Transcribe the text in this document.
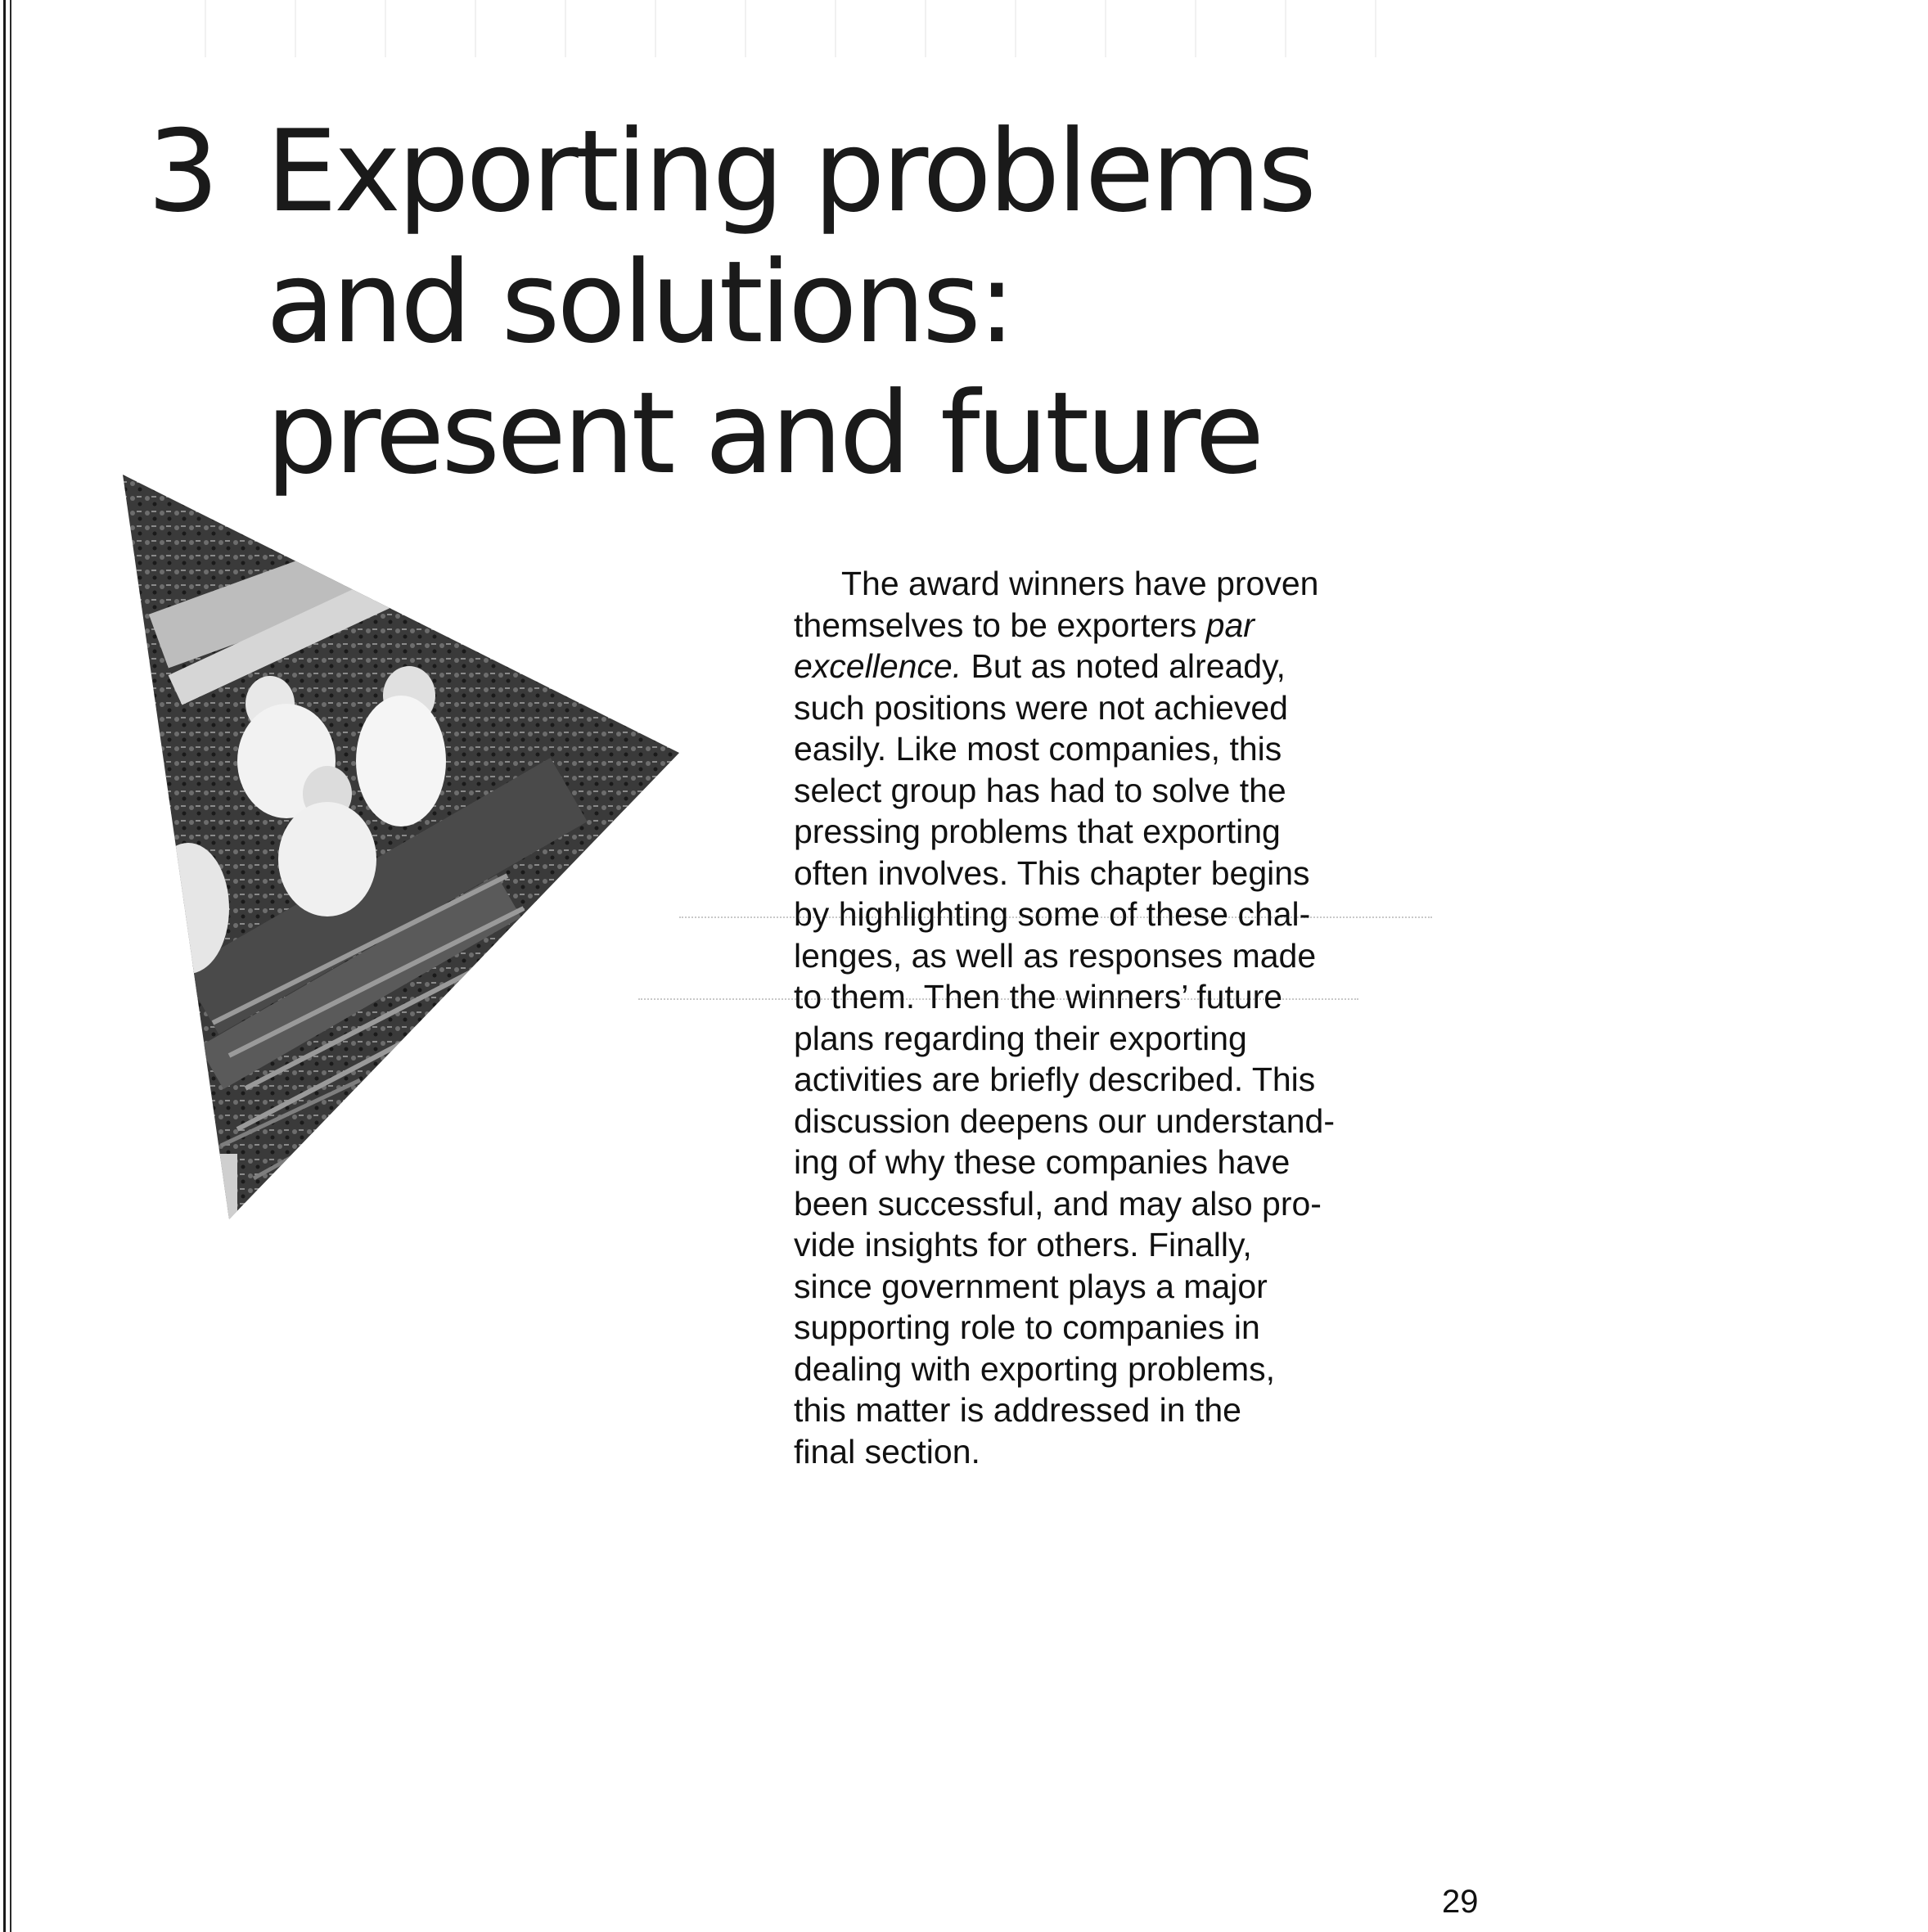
3 Exporting problems
and solutions:
present and future

The award winners have proven
themselves to be exporters par
excellence. But as noted already,
such positions were not achieved
easily. Like most companies, this
select group has had to solve the
pressing problems that exporting
often involves. This chapter begins
by highlighting some of these chal-
lenges, as well as responses made
to them. Then the winners’ future
plans regarding their exporting
activities are briefly described. This
discussion deepens our understand-
ing of why these companies have
been successful, and may also pro-
vide insights for others. Finally,
since government plays a major
supporting role to companies in
dealing with exporting problems,
this matter is addressed in the
final section.

29
